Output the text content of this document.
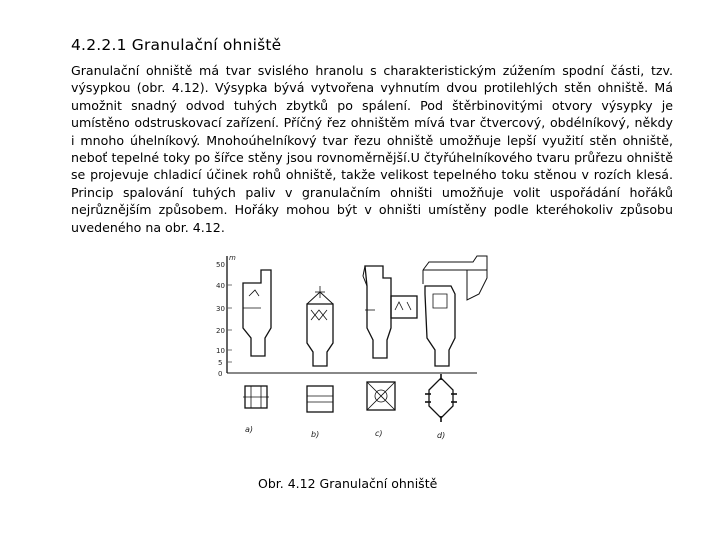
4.2.2.1 Granulační ohniště
Granulační ohniště má tvar svislého hranolu s charakteristickým zúžením spodní části, tzv. výsypkou (obr. 4.12). Výsypka bývá vytvořena vyhnutím dvou protilehlých stěn ohniště. Má umožnit snadný odvod tuhých zbytků po spálení. Pod štěrbinovitými otvory výsypky je umístěno odstruskovací zařízení. Příčný řez ohništěm mívá tvar čtvercový, obdélníkový, někdy i mnoho úhelníkový. Mnohoúhelníkový tvar řezu ohniště umožňuje lepší využití stěn ohniště, neboť tepelné toky po šířce stěny jsou rovnoměrnější.U čtyřúhelníkového tvaru průřezu ohniště se projevuje chladicí účinek rohů ohniště, takže velikost tepelného toku stěnou v rozích klesá. Princip spalování tuhých paliv v granulačním ohništi umožňuje volit uspořádání hořáků nejrůznějším způsobem. Hořáky mohou být v ohništi umístěny podle kteréhokoliv způsobu uvedeného na obr. 4.12.
m
50
40
30
20
10
5
0
a)
b)	c)	d)
Obr. 4.12 Granulační ohniště
